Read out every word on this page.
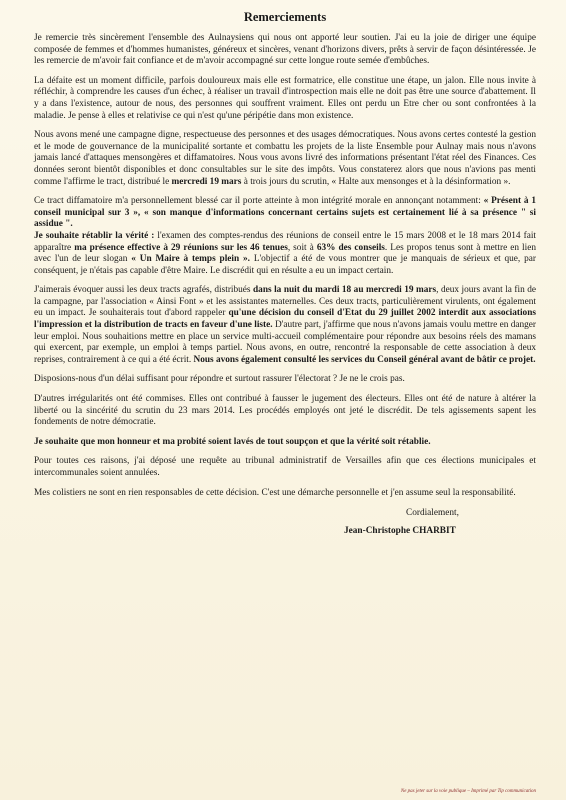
Remerciements

Je remercie très sincèrement l'ensemble des Aulnaysiens qui nous ont apporté leur soutien. J'ai eu la joie de diriger une équipe composée de femmes et d'hommes humanistes, généreux et sincères, venant d'horizons divers, prêts à servir de façon désintéressée. Je les remercie de m'avoir fait confiance et de m'avoir accompagné sur cette longue route semée d'embûches.

La défaite est un moment difficile, parfois douloureux mais elle est formatrice, elle constitue une étape, un jalon. Elle nous invite à réfléchir, à comprendre les causes d'un échec, à réaliser un travail d'introspection mais elle ne doit pas être une source d'abattement. Il y a dans l'existence, autour de nous, des personnes qui souffrent vraiment. Elles ont perdu un Etre cher ou sont confrontées à la maladie. Je pense à elles et relativise ce qui n'est qu'une péripétie dans mon existence.

Nous avons mené une campagne digne, respectueuse des personnes et des usages démocratiques. Nous avons certes contesté la gestion et le mode de gouvernance de la municipalité sortante et combattu les projets de la liste Ensemble pour Aulnay mais nous n'avons jamais lancé d'attaques mensongères et diffamatoires. Nous vous avons livré des informations présentant l'état réel des Finances. Ces données seront bientôt disponibles et donc consultables sur le site des impôts. Vous constaterez alors que nous n'avions pas menti comme l'affirme le tract, distribué le mercredi 19 mars à trois jours du scrutin, « Halte aux mensonges et à la désinformation ».

Ce tract diffamatoire m'a personnellement blessé car il porte atteinte à mon intégrité morale en annonçant notamment: « Présent à 1 conseil municipal sur 3 », « son manque d'informations concernant certains sujets est certainement lié à sa présence " si assidue ".
Je souhaite rétablir la vérité : l'examen des comptes-rendus des réunions de conseil entre le 15 mars 2008 et le 18 mars 2014 fait apparaître ma présence effective à 29 réunions sur les 46 tenues, soit à 63% des conseils. Les propos tenus sont à mettre en lien avec l'un de leur slogan « Un Maire à temps plein ». L'objectif a été de vous montrer que je manquais de sérieux et que, par conséquent, je n'étais pas capable d'être Maire. Le discrédit qui en résulte a eu un impact certain.

J'aimerais évoquer aussi les deux tracts agrafés, distribués dans la nuit du mardi 18 au mercredi 19 mars, deux jours avant la fin de la campagne, par l'association « Ainsi Font » et les assistantes maternelles. Ces deux tracts, particulièrement virulents, ont également eu un impact. Je souhaiterais tout d'abord rappeler qu'une décision du conseil d'Etat du 29 juillet 2002 interdit aux associations l'impression et la distribution de tracts en faveur d'une liste. D'autre part, j'affirme que nous n'avons jamais voulu mettre en danger leur emploi. Nous souhaitions mettre en place un service multi-accueil complémentaire pour répondre aux besoins réels des mamans qui exercent, par exemple, un emploi à temps partiel. Nous avons, en outre, rencontré la responsable de cette association à deux reprises, contrairement à ce qui a été écrit. Nous avons également consulté les services du Conseil général avant de bâtir ce projet.

Disposions-nous d'un délai suffisant pour répondre et surtout rassurer l'électorat ? Je ne le crois pas.

D'autres irrégularités ont été commises. Elles ont contribué à fausser le jugement des électeurs. Elles ont été de nature à altérer la liberté ou la sincérité du scrutin du 23 mars 2014. Les procédés employés ont jeté le discrédit. De tels agissements sapent les fondements de notre démocratie.

Je souhaite que mon honneur et ma probité soient lavés de tout soupçon et que la vérité soit rétablie.

Pour toutes ces raisons, j'ai déposé une requête au tribunal administratif de Versailles afin que ces élections municipales et intercommunales soient annulées.

Mes colistiers ne sont en rien responsables de cette décision. C'est une démarche personnelle et j'en assume seul la responsabilité.

Cordialement,
Jean-Christophe CHARBIT
Ne pas jeter sur la voie publique – Imprimé par Tip communication
